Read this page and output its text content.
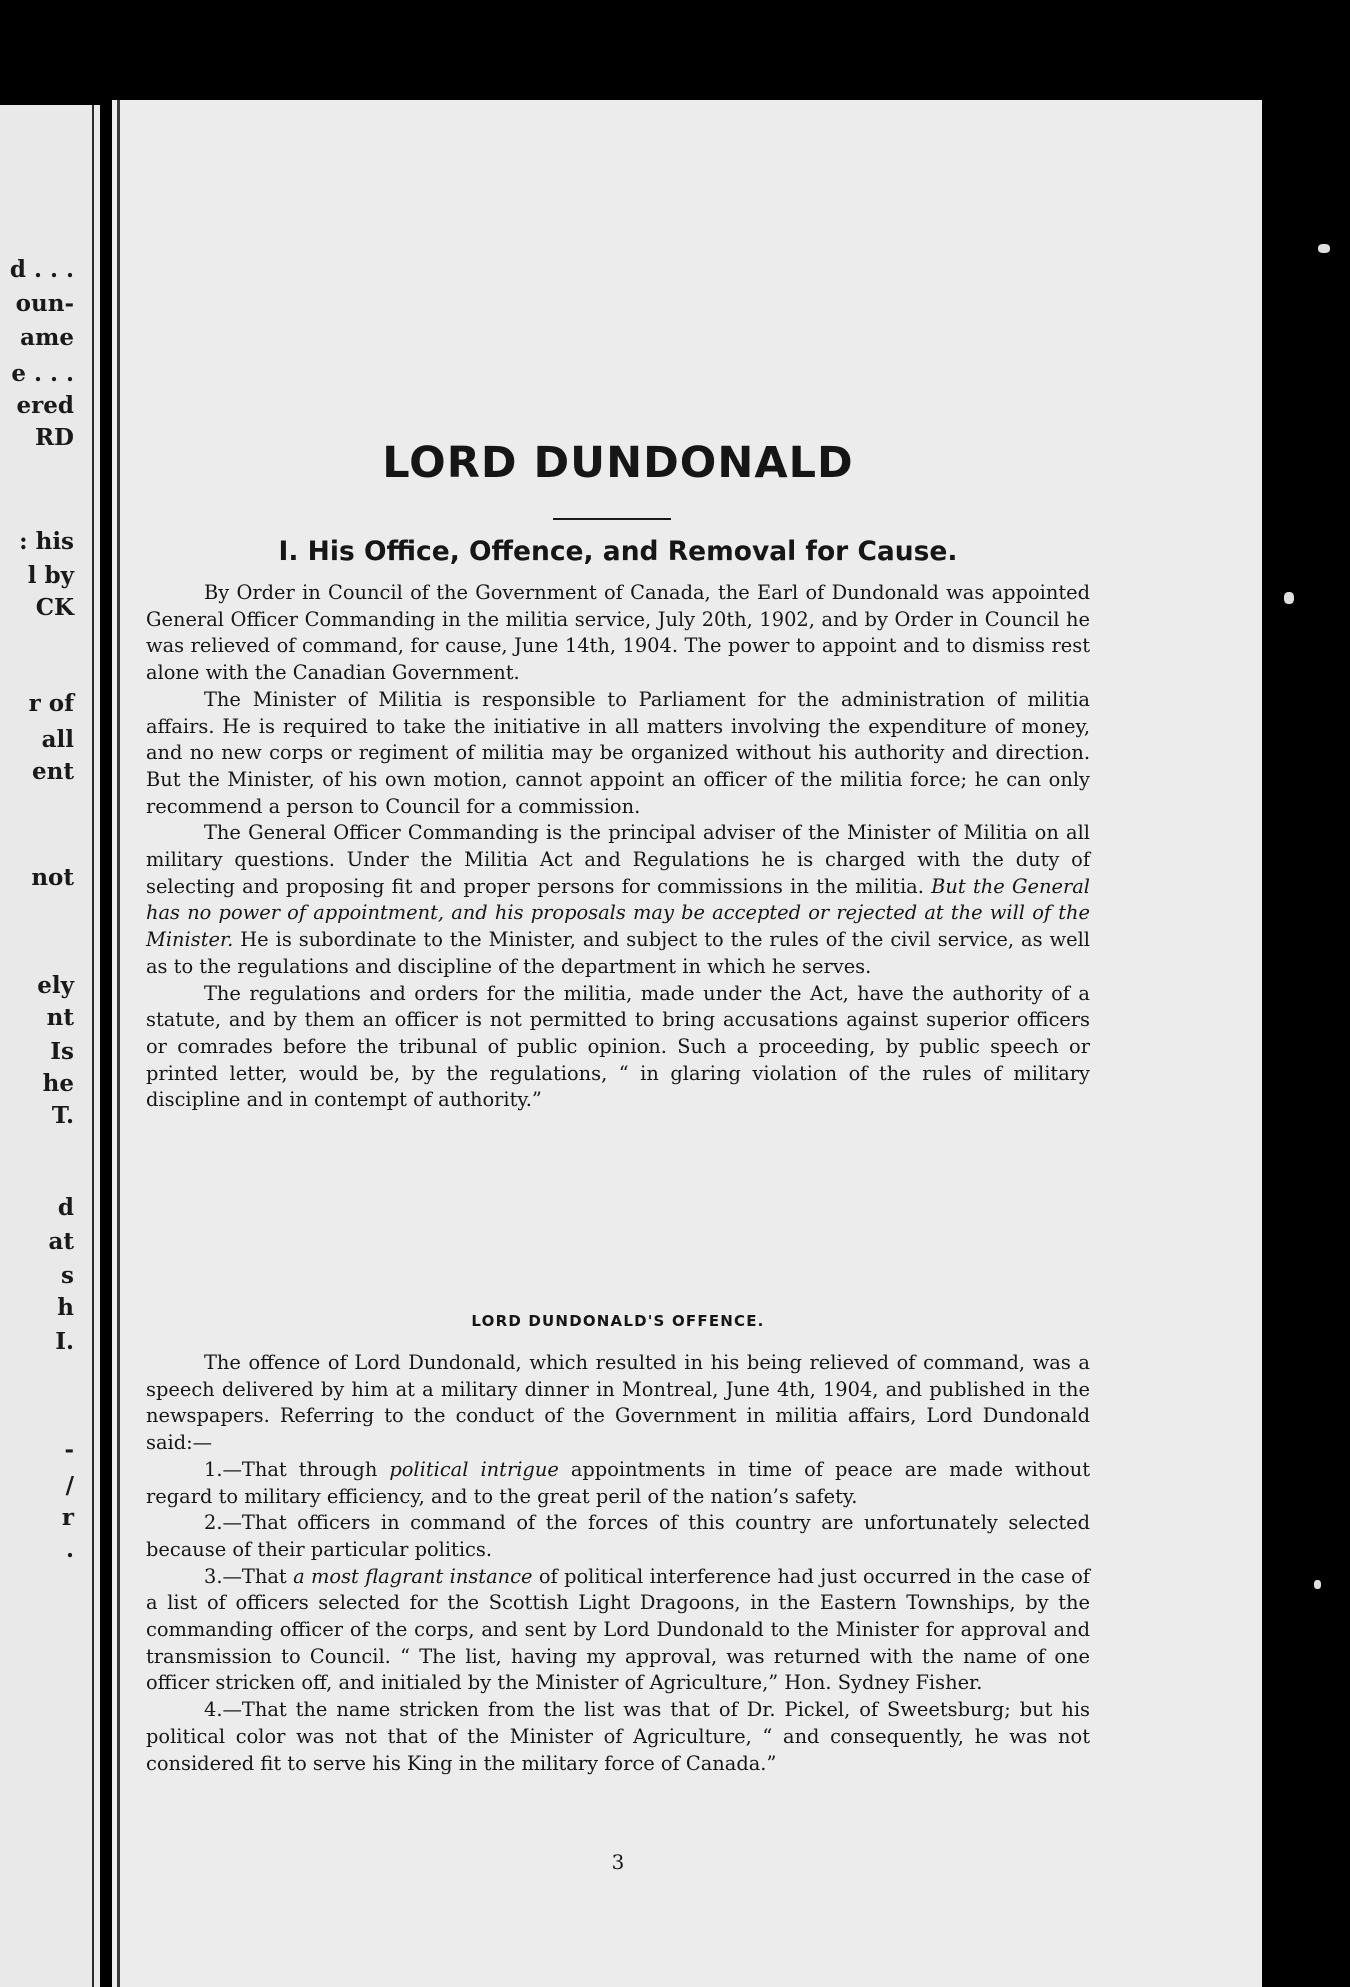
d . . .
oun-
ame
e . . .
ered
RD
: his
l by
CK
r of
all
ent
not
ely
nt
Is
he
T.
d
at
s
h
I.
-
/
r
.
LORD DUNDONALD
I. His Office, Offence, and Removal for Cause.

By Order in Council of the Government of Canada, the Earl of Dundonald was appointed General Officer Commanding in the militia service, July 20th, 1902, and by Order in Council he was relieved of command, for cause, June 14th, 1904. The power to appoint and to dismiss rest alone with the Canadian Government.

The Minister of Militia is responsible to Parliament for the administration of militia affairs. He is required to take the initiative in all matters involving the expenditure of money, and no new corps or regiment of militia may be organized without his authority and direction. But the Minister, of his own motion, cannot appoint an officer of the militia force; he can only recommend a person to Council for a commission.

The General Officer Commanding is the principal adviser of the Minister of Militia on all military questions. Under the Militia Act and Regulations he is charged with the duty of selecting and proposing fit and proper persons for commissions in the militia. But the General has no power of appointment, and his proposals may be accepted or rejected at the will of the Minister. He is subordinate to the Minister, and subject to the rules of the civil service, as well as to the regulations and discipline of the department in which he serves.

The regulations and orders for the militia, made under the Act, have the authority of a statute, and by them an officer is not permitted to bring accusations against superior officers or comrades before the tribunal of public opinion. Such a proceeding, by public speech or printed letter, would be, by the regulations, “ in glaring violation of the rules of military discipline and in contempt of authority.”

LORD DUNDONALD'S OFFENCE.

The offence of Lord Dundonald, which resulted in his being relieved of command, was a speech delivered by him at a military dinner in Montreal, June 4th, 1904, and published in the newspapers. Referring to the conduct of the Government in militia affairs, Lord Dundonald said:—

1.—That through political intrigue appointments in time of peace are made without regard to military efficiency, and to the great peril of the nation’s safety.

2.—That officers in command of the forces of this country are unfortunately selected because of their particular politics.

3.—That a most flagrant instance of political interference had just occurred in the case of a list of officers selected for the Scottish Light Dragoons, in the Eastern Townships, by the commanding officer of the corps, and sent by Lord Dundonald to the Minister for approval and transmission to Council. “ The list, having my approval, was returned with the name of one officer stricken off, and initialed by the Minister of Agriculture,” Hon. Sydney Fisher.

4.—That the name stricken from the list was that of Dr. Pickel, of Sweetsburg; but his political color was not that of the Minister of Agriculture, “ and consequently, he was not considered fit to serve his King in the military force of Canada.”

3
